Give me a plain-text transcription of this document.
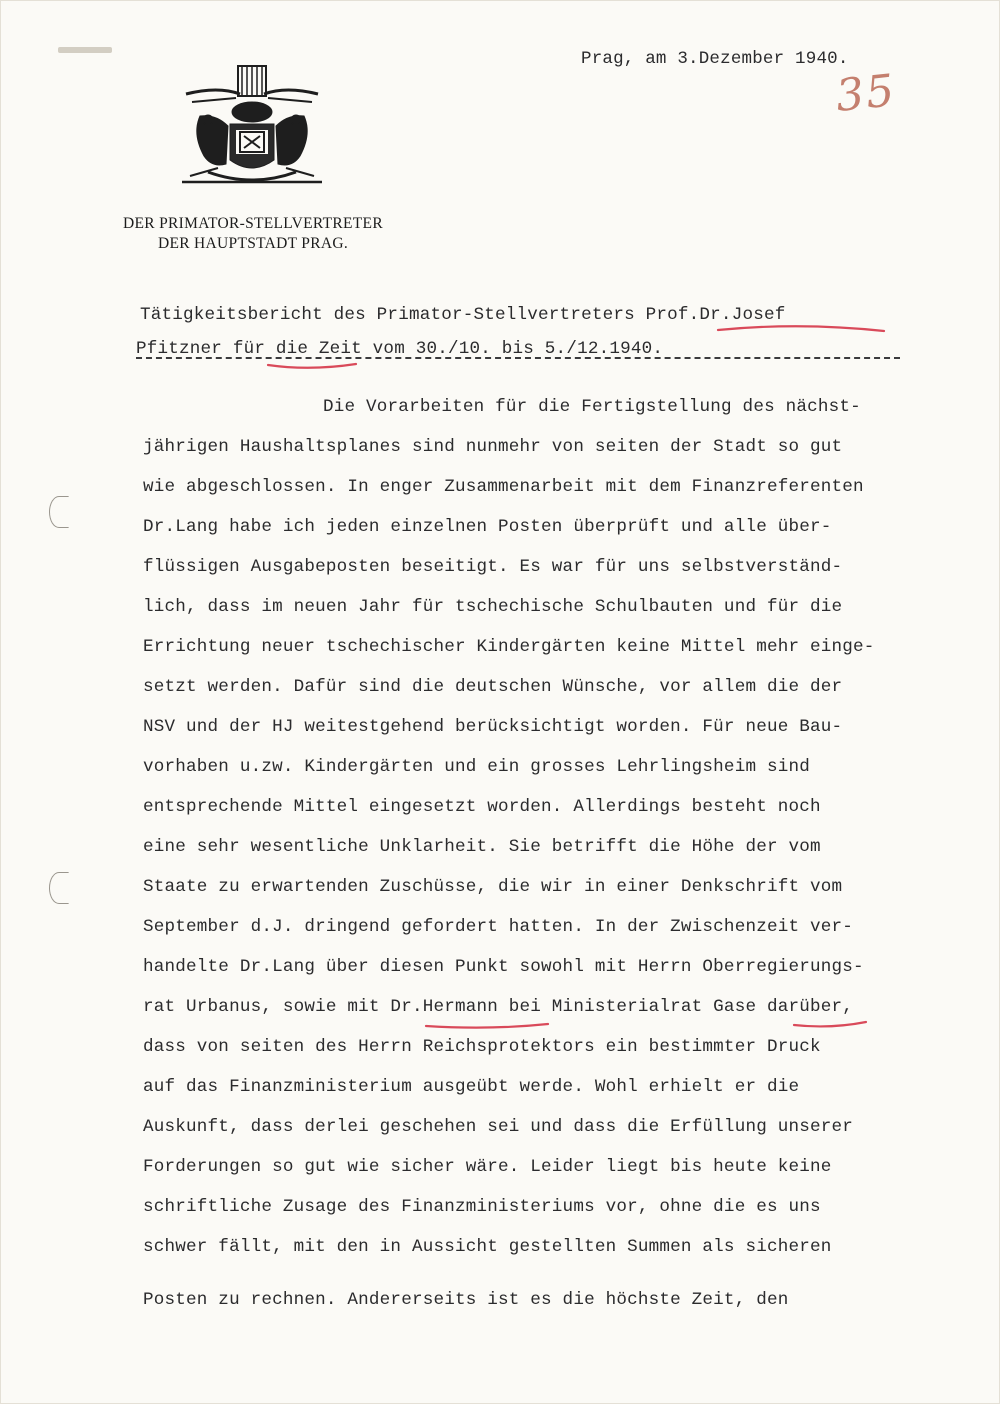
DER PRIMATOR-STELLVERTRETER
DER HAUPTSTADT PRAG.
Prag, am 3.Dezember 1940.
35
Tätigkeitsbericht des Primator-Stellvertreters Prof.Dr.Josef
Pfitzner für die Zeit vom 30./10. bis 5./12.1940.
Die Vorarbeiten für die Fertigstellung des nächst-
jährigen Haushaltsplanes sind nunmehr von seiten der Stadt so gut
wie abgeschlossen. In enger Zusammenarbeit mit dem Finanzreferenten
Dr.Lang habe ich jeden einzelnen Posten überprüft und alle über-
flüssigen Ausgabeposten beseitigt. Es war für uns selbstverständ-
lich, dass im neuen Jahr für tschechische Schulbauten und für die
Errichtung neuer tschechischer Kindergärten keine Mittel mehr einge-
setzt werden. Dafür sind die deutschen Wünsche, vor allem die der
NSV und der HJ weitestgehend berücksichtigt worden. Für neue Bau-
vorhaben u.zw. Kindergärten und ein grosses Lehrlingsheim sind
entsprechende Mittel eingesetzt worden. Allerdings besteht noch
eine sehr wesentliche Unklarheit. Sie betrifft die Höhe der vom
Staate zu erwartenden Zuschüsse, die wir in einer Denkschrift vom
September d.J. dringend gefordert hatten. In der Zwischenzeit ver-
handelte Dr.Lang über diesen Punkt sowohl mit Herrn Oberregierungs-
rat Urbanus, sowie mit Dr.Hermann bei Ministerialrat Gase darüber,
dass von seiten des Herrn Reichsprotektors ein bestimmter Druck
auf das Finanzministerium ausgeübt werde. Wohl erhielt er die
Auskunft, dass derlei geschehen sei und dass die Erfüllung unserer
Forderungen so gut wie sicher wäre. Leider liegt bis heute keine
schriftliche Zusage des Finanzministeriums vor, ohne die es uns
schwer fällt, mit den in Aussicht gestellten Summen als sicheren
Posten zu rechnen. Andererseits ist es die höchste Zeit, den
